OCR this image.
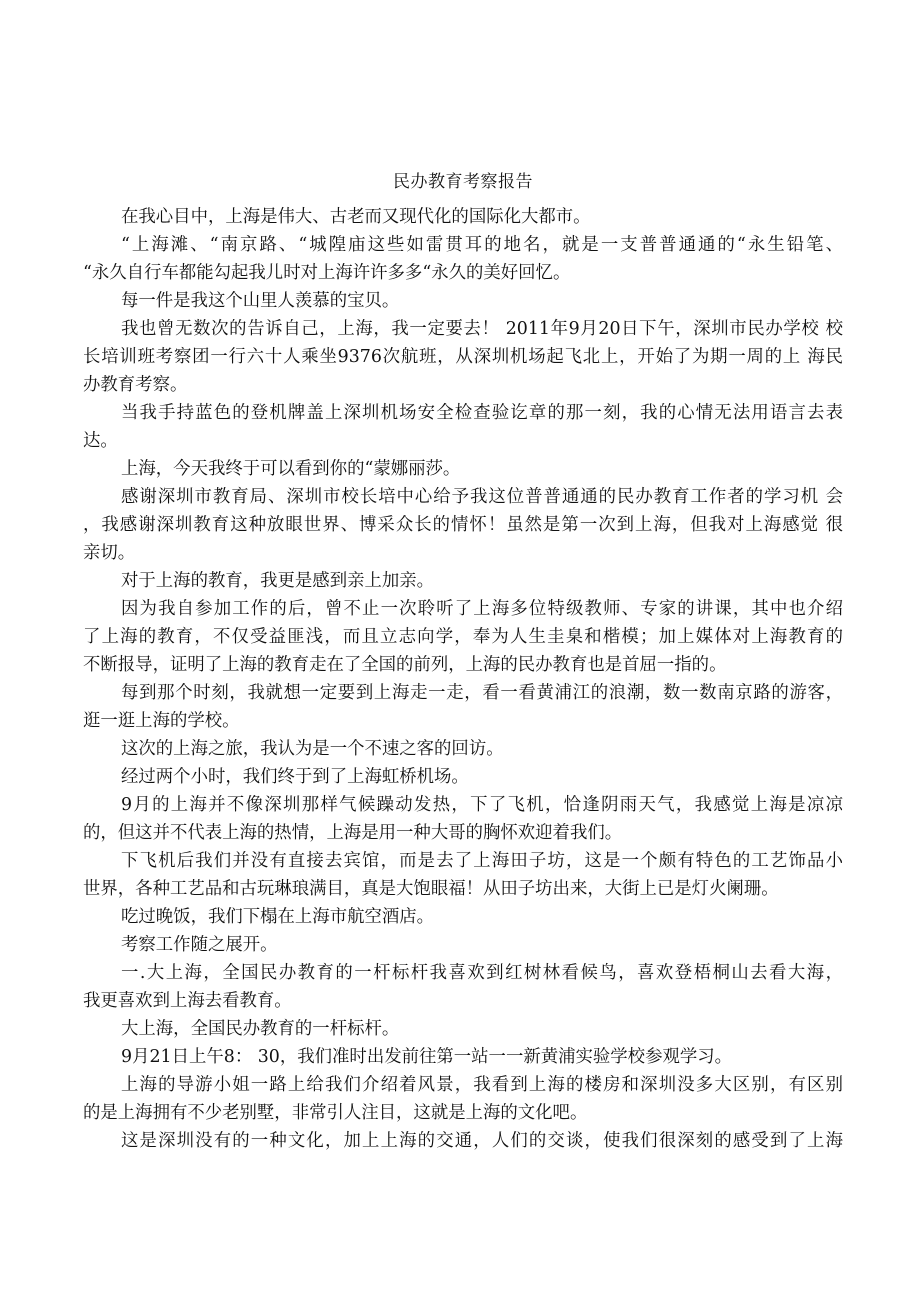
民办教育考察报告
在我心目中，上海是伟大、古老而又现代化的国际化大都市。
“上海滩、“南京路、“城隍庙这些如雷贯耳的地名，就是一支普普通通的“永生铅笔、
“永久自行车都能勾起我儿时对上海许许多多“永久的美好回忆。
每一件是我这个山里人羡慕的宝贝。
我也曾无数次的告诉自己，上海，我一定要去！ 2011年9月20日下午，深圳市民办学校 校
长培训班考察团一行六十人乘坐9376次航班，从深圳机场起飞北上，开始了为期一周的上 海民
办教育考察。
当我手持蓝色的登机牌盖上深圳机场安全检查验讫章的那一刻，我的心情无法用语言去表
达。
上海，今天我终于可以看到你的“蒙娜丽莎。
感谢深圳市教育局、深圳市校长培中心给予我这位普普通通的民办教育工作者的学习机 会
，我感谢深圳教育这种放眼世界、博采众长的情怀！虽然是第一次到上海，但我对上海感觉 很
亲切。
对于上海的教育，我更是感到亲上加亲。
因为我自参加工作的后，曾不止一次聆听了上海多位特级教师、专家的讲课，其中也介绍
了上海的教育，不仅受益匪浅，而且立志向学，奉为人生圭臬和楷模；加上媒体对上海教育的
不断报导，证明了上海的教育走在了全国的前列，上海的民办教育也是首屈一指的。
每到那个时刻，我就想一定要到上海走一走，看一看黄浦江的浪潮，数一数南京路的游客，
逛一逛上海的学校。
这次的上海之旅，我认为是一个不速之客的回访。
经过两个小时，我们终于到了上海虹桥机场。
9月的上海并不像深圳那样气候躁动发热，下了飞机，恰逢阴雨天气，我感觉上海是凉凉
的，但这并不代表上海的热情，上海是用一种大哥的胸怀欢迎着我们。
下飞机后我们并没有直接去宾馆，而是去了上海田子坊，这是一个颇有特色的工艺饰品小
世界，各种工艺品和古玩琳琅满目，真是大饱眼福！从田子坊出来，大街上已是灯火阑珊。
吃过晚饭，我们下榻在上海市航空酒店。
考察工作随之展开。
一.大上海，全国民办教育的一杆标杆我喜欢到红树林看候鸟，喜欢登梧桐山去看大海，
我更喜欢到上海去看教育。
大上海，全国民办教育的一杆标杆。
9月21日上午8： 30，我们准时出发前往第一站一一新黄浦实验学校参观学习。
上海的导游小姐一路上给我们介绍着风景，我看到上海的楼房和深圳没多大区别，有区别
的是上海拥有不少老别墅，非常引人注目，这就是上海的文化吧。
这是深圳没有的一种文化，加上上海的交通，人们的交谈，使我们很深刻的感受到了上海
